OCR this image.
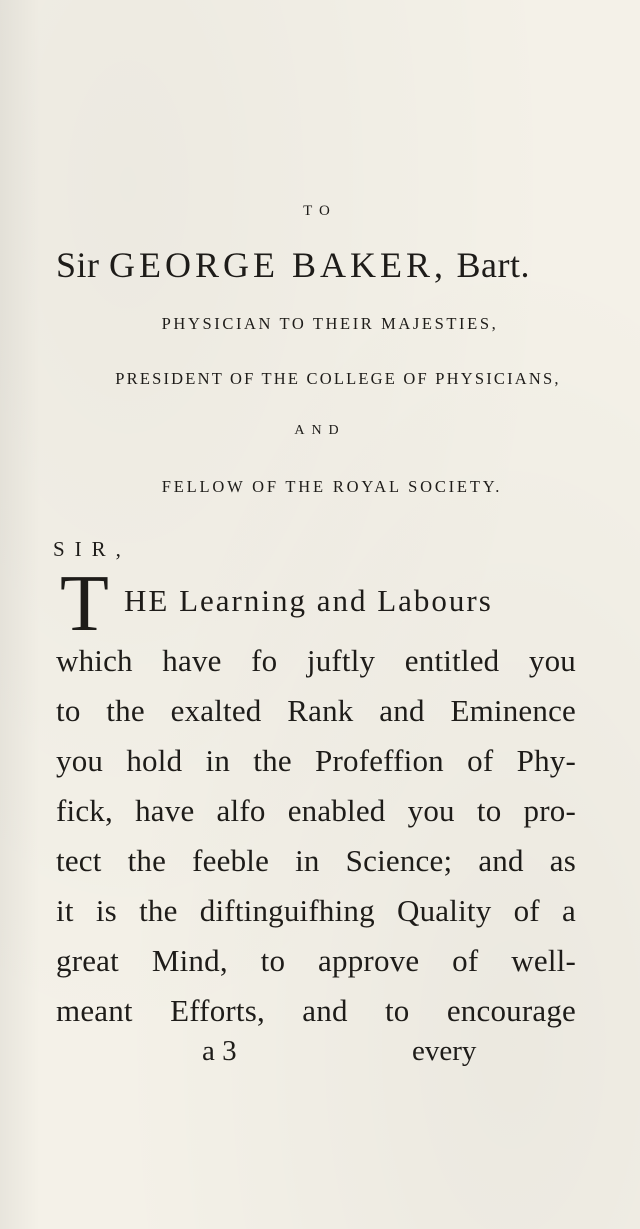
TO
Sir GEORGE BAKER, Bart.
PHYSICIAN TO THEIR MAJESTIES,
PRESIDENT OF THE COLLEGE OF PHYSICIANS,
AND
FELLOW OF THE ROYAL SOCIETY.
SIR,
T HE Learning and Labours
a 3	every
which have fo juftly entitled you
to the exalted Rank and Eminence
you hold in the Profeffion of Phy-
fick, have alfo enabled you to pro-
tect the feeble in Science; and as
it is the diftinguifhing Quality of a
great Mind, to approve of well-
meant Efforts, and to encourage
